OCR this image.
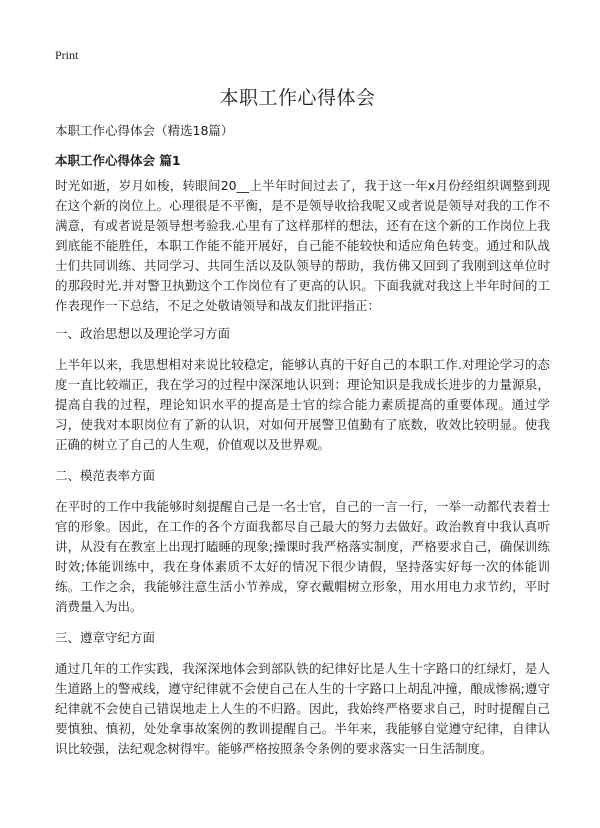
Print
本职工作心得体会
本职工作心得体会（精选18篇）
本职工作心得体会 篇1

时光如逝，岁月如梭，转眼间20__上半年时间过去了，我于这一年x月份经组织调整到现在这个新的岗位上。心理很是不平衡，是不是领导收拾我呢又或者说是领导对我的工作不满意，有或者说是领导想考验我.心里有了这样那样的想法，还有在这个新的工作岗位上我到底能不能胜任，本职工作能不能开展好，自己能不能较快和适应角色转变。通过和队战士们共同训练、共同学习、共同生活以及队领导的帮助，我仿佛又回到了我刚到这单位时的那段时光.并对警卫执勤这个工作岗位有了更高的认识。下面我就对我这上半年时间的工作表现作一下总结，不足之处敬请领导和战友们批评指正：

一、政治思想以及理论学习方面

上半年以来，我思想相对来说比较稳定，能够认真的干好自己的本职工作.对理论学习的态度一直比较端正，我在学习的过程中深深地认识到：理论知识是我成长进步的力量源泉，提高自我的过程，理论知识水平的提高是士官的综合能力素质提高的重要体现。通过学习，使我对本职岗位有了新的认识，对如何开展警卫值勤有了底数，收效比较明显。使我正确的树立了自己的人生观，价值观以及世界观。

二、模范表率方面

在平时的工作中我能够时刻提醒自己是一名士官，自己的一言一行，一举一动都代表着士官的形象。因此，在工作的各个方面我都尽自己最大的努力去做好。政治教育中我认真听讲，从没有在教室上出现打瞌睡的现象;操课时我严格落实制度，严格要求自己，确保训练时效;体能训练中，我在身体素质不太好的情况下很少请假，坚持落实好每一次的体能训练。工作之余，我能够注意生活小节养成，穿衣戴帽树立形象，用水用电力求节约，平时消费量入为出。

三、遵章守纪方面

通过几年的工作实践，我深深地体会到部队铁的纪律好比是人生十字路口的红绿灯，是人生道路上的警戒线，遵守纪律就不会使自己在人生的十字路口上胡乱冲撞，酿成惨祸;遵守纪律就不会使自己错误地走上人生的不归路。因此，我始终严格要求自己，时时提醒自己要慎独、慎初，处处拿事故案例的教训提醒自己。半年来，我能够自觉遵守纪律，自律认识比较强，法纪观念树得牢。能够严格按照条令条例的要求落实一日生活制度。
